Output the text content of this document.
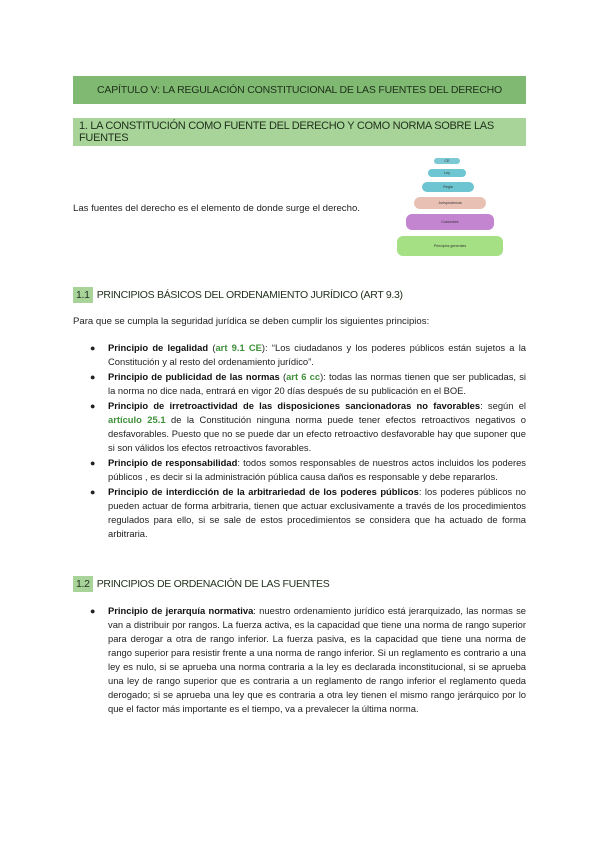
CAPÍTULO V: LA REGULACIÓN CONSTITUCIONAL DE LAS FUENTES DEL DERECHO
1. LA CONSTITUCIÓN COMO FUENTE DEL DERECHO Y COMO NORMA SOBRE LAS FUENTES
Las fuentes del derecho es el elemento de donde surge el derecho.
CE
Ley
Regla
Jurisprudencia
Costumbre
Principios generales
1.1 PRINCIPIOS BÁSICOS DEL ORDENAMIENTO JURÍDICO (ART 9.3)
Para que se cumpla la seguridad jurídica se deben cumplir los siguientes principios:
● Principio de legalidad (art 9.1 CE): “Los ciudadanos y los poderes públicos están sujetos a la Constitución y al resto del ordenamiento jurídico”.
● Principio de publicidad de las normas (art 6 cc): todas las normas tienen que ser publicadas, si la norma no dice nada, entrará en vigor 20 días después de su publicación en el BOE.
● Principio de irretroactividad de las disposiciones sancionadoras no favorables: según el artículo 25.1 de la Constitución ninguna norma puede tener efectos retroactivos negativos o desfavorables. Puesto que no se puede dar un efecto retroactivo desfavorable hay que suponer que si son válidos los efectos retroactivos favorables.
● Principio de responsabilidad: todos somos responsables de nuestros actos incluidos los poderes públicos , es decir si la administración pública causa daños es responsable y debe repararlos.
● Principio de interdicción de la arbitrariedad de los poderes públicos: los poderes públicos no pueden actuar de forma arbitraria, tienen que actuar exclusivamente a través de los procedimientos regulados para ello, si se sale de estos procedimientos se considera que ha actuado de forma arbitraria.
1.2 PRINCIPIOS DE ORDENACIÓN DE LAS FUENTES
● Principio de jerarquía normativa: nuestro ordenamiento jurídico está jerarquizado, las normas se van a distribuir por rangos. La fuerza activa, es la capacidad que tiene una norma de rango superior para derogar a otra de rango inferior. La fuerza pasiva, es la capacidad que tiene una norma de rango superior para resistir frente a una norma de rango inferior. Si un reglamento es contrario a una ley es nulo, si se aprueba una norma contraria a la ley es declarada inconstitucional, si se aprueba una ley de rango superior que es contraria a un reglamento de rango inferior el reglamento queda derogado; si se aprueba una ley que es contraria a otra ley tienen el mismo rango jerárquico por lo que el factor más importante es el tiempo, va a prevalecer la última norma.
